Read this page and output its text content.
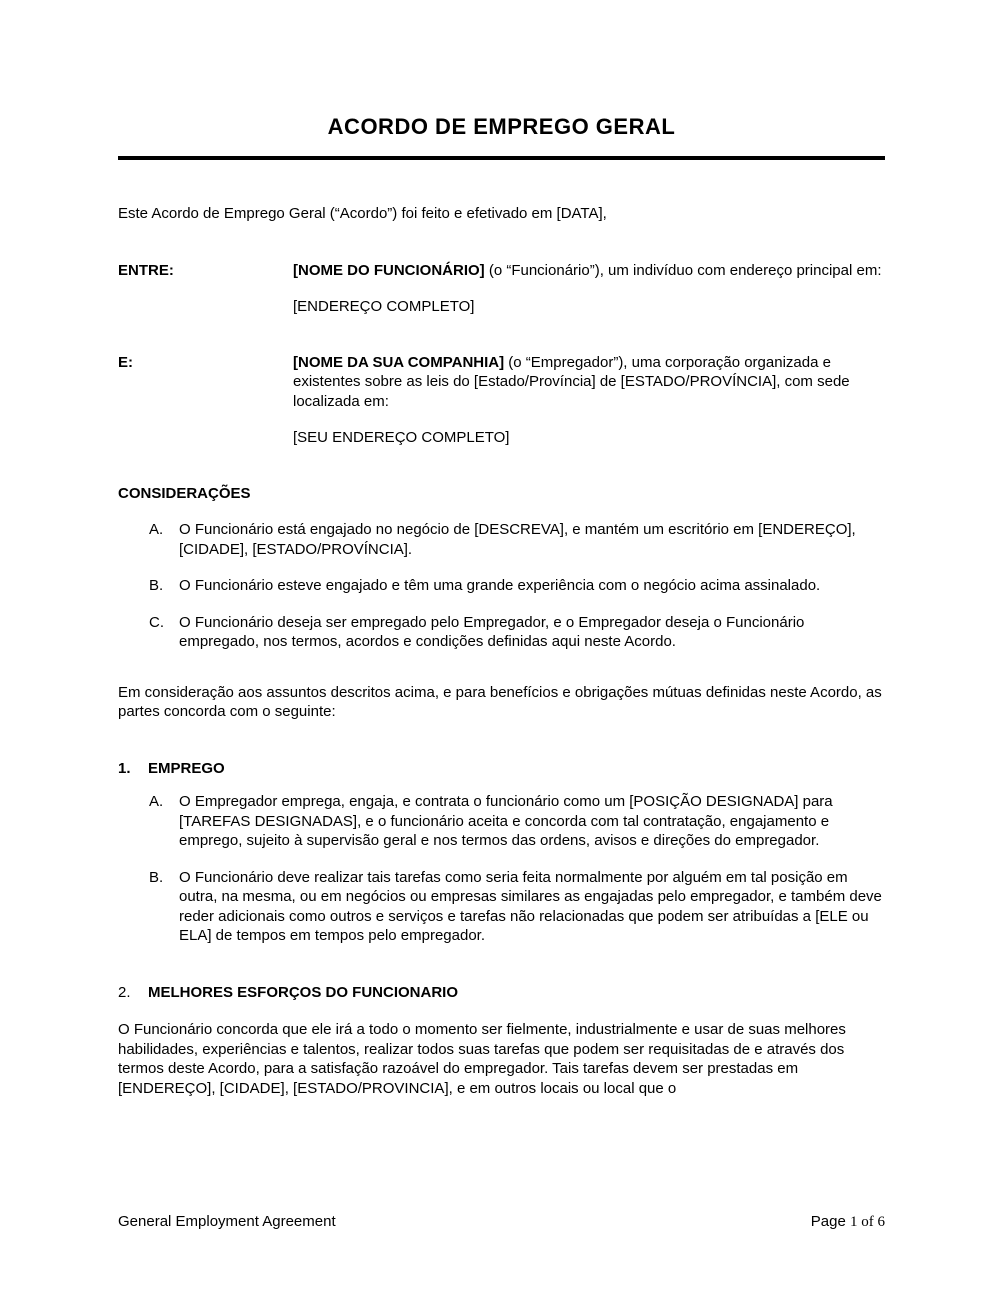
ACORDO DE EMPREGO GERAL
Este Acordo de Emprego Geral (“Acordo”) foi feito e efetivado em [DATA],
ENTRE:	[NOME DO FUNCIONÁRIO] (o “Funcionário”), um indivíduo com endereço principal em:
[ENDEREÇO COMPLETO]
E:	[NOME DA SUA COMPANHIA] (o “Empregador”), uma corporação organizada e existentes sobre as leis do [Estado/Província] de [ESTADO/PROVÍNCIA], com sede localizada em:
[SEU ENDEREÇO COMPLETO]
CONSIDERAÇÕES
A.	O Funcionário está engajado no negócio de [DESCREVA], e mantém um escritório em [ENDEREÇO], [CIDADE], [ESTADO/PROVÍNCIA].
B.	O Funcionário esteve engajado e têm uma grande experiência com o negócio acima assinalado.
C.	O Funcionário deseja ser empregado pelo Empregador, e o Empregador deseja o Funcionário empregado, nos termos, acordos e condições definidas aqui neste Acordo.
Em consideração aos assuntos descritos acima, e para benefícios e obrigações mútuas definidas neste Acordo, as partes concorda com o seguinte:
1.	EMPREGO
A.	O Empregador emprega, engaja, e contrata o funcionário como um [POSIÇÃO DESIGNADA] para [TAREFAS DESIGNADAS], e o funcionário aceita e concorda com tal contratação, engajamento e emprego, sujeito à supervisão geral e nos termos das ordens, avisos e direções do empregador.
B.	O Funcionário deve realizar tais tarefas como seria feita normalmente por alguém em tal posição em outra, na mesma, ou em negócios ou empresas similares as engajadas pelo empregador, e também deve reder adicionais como outros e serviços e tarefas não relacionadas que podem ser atribuídas a [ELE ou ELA] de tempos em tempos pelo empregador.
2.	MELHORES ESFORÇOS DO FUNCIONARIO
O Funcionário concorda que ele irá a todo o momento ser fielmente, industrialmente e usar de suas melhores habilidades, experiências e talentos, realizar todos suas tarefas que podem ser requisitadas de e através dos termos deste Acordo, para a satisfação razoável do empregador. Tais tarefas devem ser prestadas em [ENDEREÇO], [CIDADE], [ESTADO/PROVINCIA], e em outros locais ou local que o
General Employment Agreement	Page 1 of 6
